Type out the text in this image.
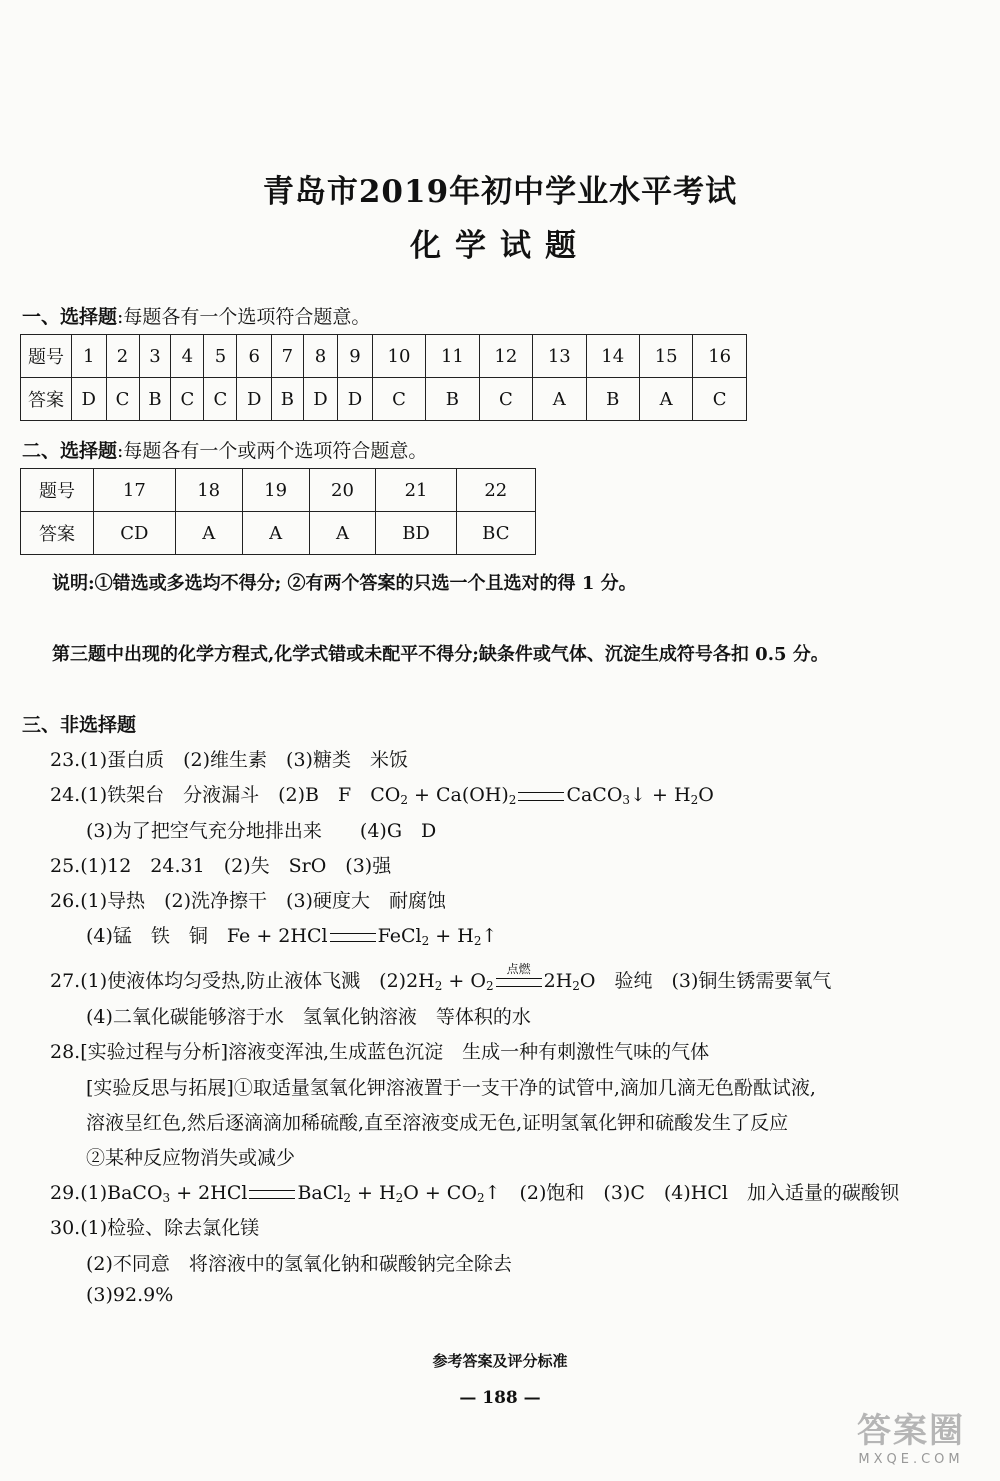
青岛市2019年初中学业水平考试
化学试题
一、选择题:每题各有一个选项符合题意。
题号	1	2	3	4	5	6	7	8	9	10	11	12	13	14	15	16
答案	D	C	B	C	C	D	B	D	D	C	B	C	A	B	A	C
二、选择题:每题各有一个或两个选项符合题意。
题号	17	18	19	20	21	22
答案	CD	A	A	A	BD	BC
说明:①错选或多选均不得分; ②有两个答案的只选一个且选对的得 1 分。
第三题中出现的化学方程式,化学式错或未配平不得分;缺条件或气体、沉淀生成符号各扣 0.5 分。
三、非选择题
23.(1)蛋白质　(2)维生素　(3)糖类　米饭
24.(1)铁架台　分液漏斗　(2)B　F　$CO_2 + Ca(OH)_2$	CaCO$_3$↓ + $H_2O$
(3)为了把空气充分地排出来　　(4)G　D
25.(1)12　24.31　(2)失　SrO　(3)强
26.(1)导热　(2)洗净擦干　(3)硬度大　耐腐蚀
(4)锰　铁　铜　Fe + 2HCl	FeCl$_2$ + $H_2↑$
27.(1)使液体均匀受热,防止液体飞溅　$(2)2H_2 + O_2$
点燃
$2H_2O$　验纯　(3)铜生锈需要氧气
(4)二氧化碳能够溶于水　氢氧化钠溶液　等体积的水
28.[实验过程与分析]溶液变浑浊,生成蓝色沉淀　生成一种有刺激性气味的气体
[实验反思与拓展]①取适量氢氧化钾溶液置于一支干净的试管中,滴加几滴无色酚酞试液,
溶液呈红色,然后逐滴滴加稀硫酸,直至溶液变成无色,证明氢氧化钾和硫酸发生了反应
②某种反应物消失或减少
29.(1)BaCO$_3$ + 2HCl	BaCl$_2$ + $H_2O$ + $CO_2↑$　(2)饱和　(3)C　(4)HCl　加入适量的碳酸钡
30.(1)检验、除去氯化镁
(2)不同意　将溶液中的氢氧化钠和碳酸钠完全除去
(3)92.9%
参考答案及评分标准
— 188 —
答案圈
MXQE.COM
